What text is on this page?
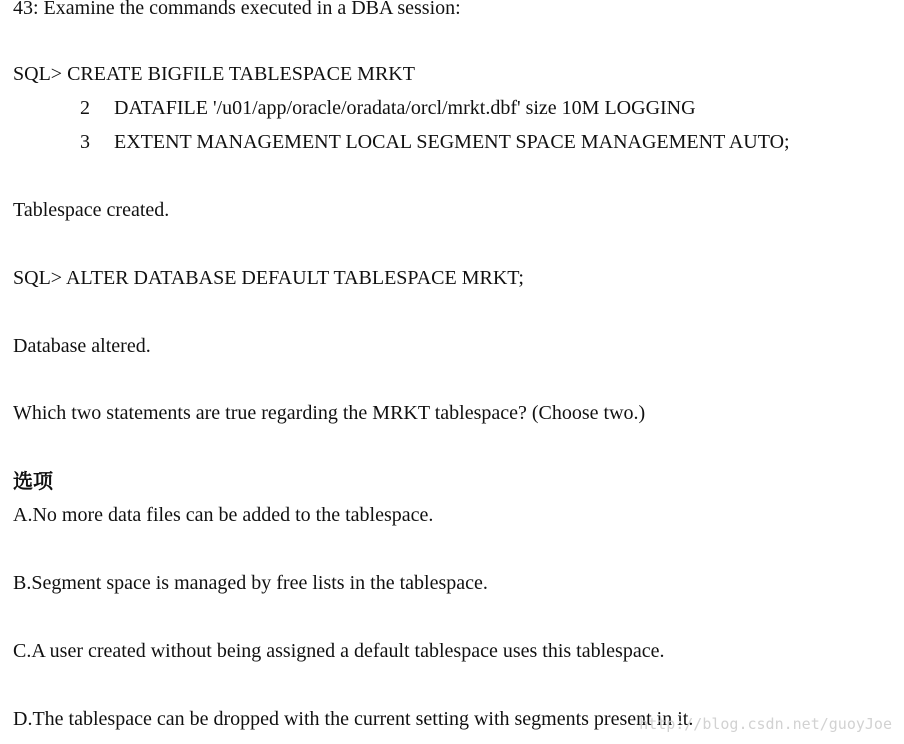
43: Examine the commands executed in a DBA session:
SQL> CREATE BIGFILE TABLESPACE MRKT
2 DATAFILE '/u01/app/oracle/oradata/orcl/mrkt.dbf' size 10M LOGGING
3 EXTENT MANAGEMENT LOCAL SEGMENT SPACE MANAGEMENT AUTO;
Tablespace created.
SQL> ALTER DATABASE DEFAULT TABLESPACE MRKT;
Database altered.
Which two statements are true regarding the MRKT tablespace? (Choose two.)
选项
A.No more data files can be added to the tablespace.
B.Segment space is managed by free lists in the tablespace.
C.A user created without being assigned a default tablespace uses this tablespace.
D.The tablespace can be dropped with the current setting with segments present in it.
http://blog.csdn.net/guoyJoe
